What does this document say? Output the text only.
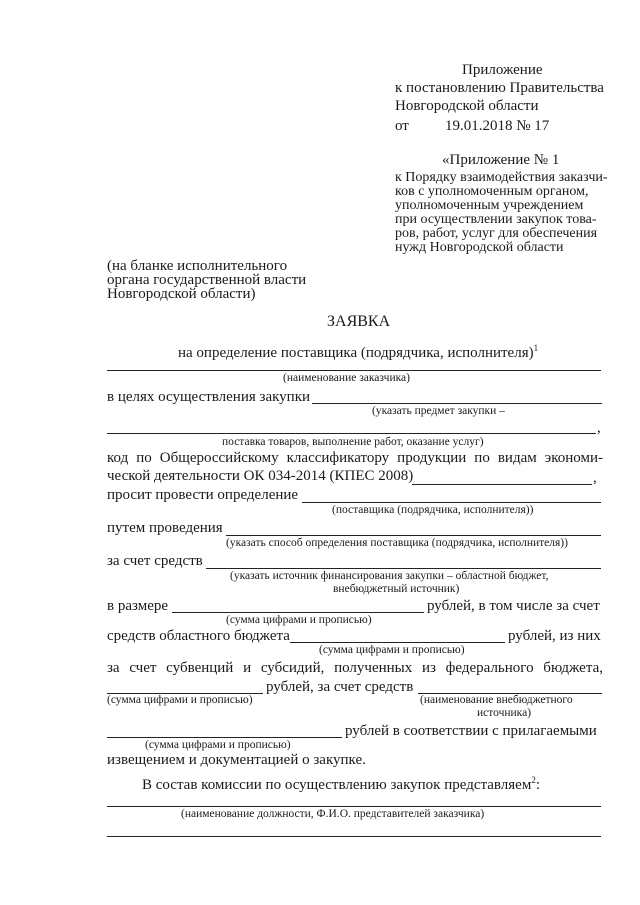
Приложение
к постановлению Правительства
Новгородской области
от 19.01.2018 № 17
«Приложение № 1
к Порядку взаимодействия заказчи-
ков с уполномоченным органом,
уполномоченным учреждением
при осуществлении закупок това-
ров, работ, услуг для обеспечения
нужд Новгородской области
(на бланке исполнительного
органа государственной власти
Новгородской области)
ЗАЯВКА
на определение поставщика (подрядчика, исполнителя)$^1$
(наименование заказчика)
в целях осуществления закупки
(указать предмет закупки –
,
поставка товаров, выполнение работ, оказание услуг)
код по Общероссийскому классификатору продукции по видам экономи-
ческой деятельности ОК 034-2014 (КПЕС 2008)	,
просит провести определение
(поставщика (подрядчика, исполнителя))
путем проведения
(указать способ определения поставщика (подрядчика, исполнителя))
за счет средств
(указать источник финансирования закупки – областной бюджет,
внебюджетный источник)
в размере	рублей, в том числе за счет
(сумма цифрами и прописью)
средств областного бюджета	рублей, из них
(сумма цифрами и прописью)
за счет субвенций и субсидий, полученных из федерального бюджета,
рублей, за счет средств
(сумма цифрами и прописью)	(наименование внебюджетного
источника)
рублей в соответствии с прилагаемыми
(сумма цифрами и прописью)
извещением и документацией о закупке.
В состав комиссии по осуществлению закупок представляем$^2$:
(наименование должности, Ф.И.О. представителей заказчика)
